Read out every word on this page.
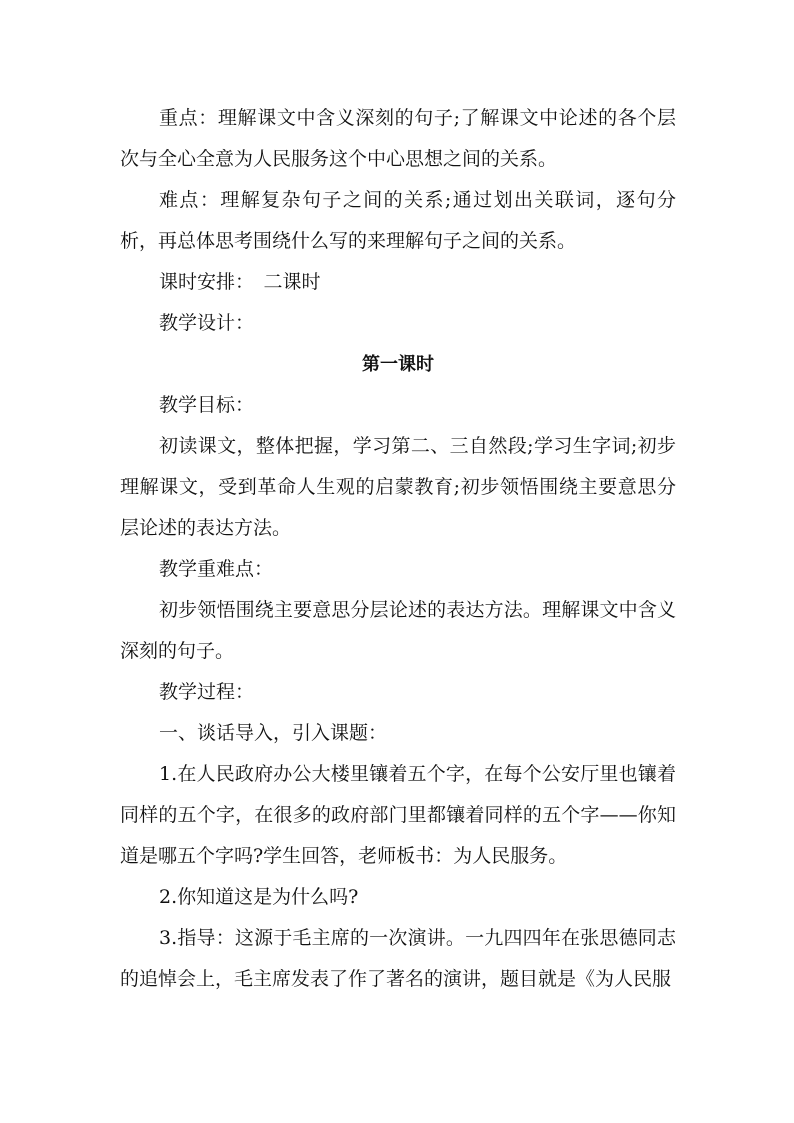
重点：理解课文中含义深刻的句子;了解课文中论述的各个层次与全心全意为人民服务这个中心思想之间的关系。

难点：理解复杂句子之间的关系;通过划出关联词，逐句分析，再总体思考围绕什么写的来理解句子之间的关系。

课时安排：　二课时

教学设计：

第一课时

教学目标：

初读课文，整体把握，学习第二、三自然段;学习生字词;初步理解课文，受到革命人生观的启蒙教育;初步领悟围绕主要意思分层论述的表达方法。

教学重难点：

初步领悟围绕主要意思分层论述的表达方法。理解课文中含义深刻的句子。

教学过程：

一、谈话导入，引入课题：

1.在人民政府办公大楼里镶着五个字，在每个公安厅里也镶着同样的五个字，在很多的政府部门里都镶着同样的五个字——你知道是哪五个字吗?学生回答，老师板书：为人民服务。

2.你知道这是为什么吗?

3.指导：这源于毛主席的一次演讲。一九四四年在张思德同志的追悼会上，毛主席发表了作了著名的演讲，题目就是《为人民服
